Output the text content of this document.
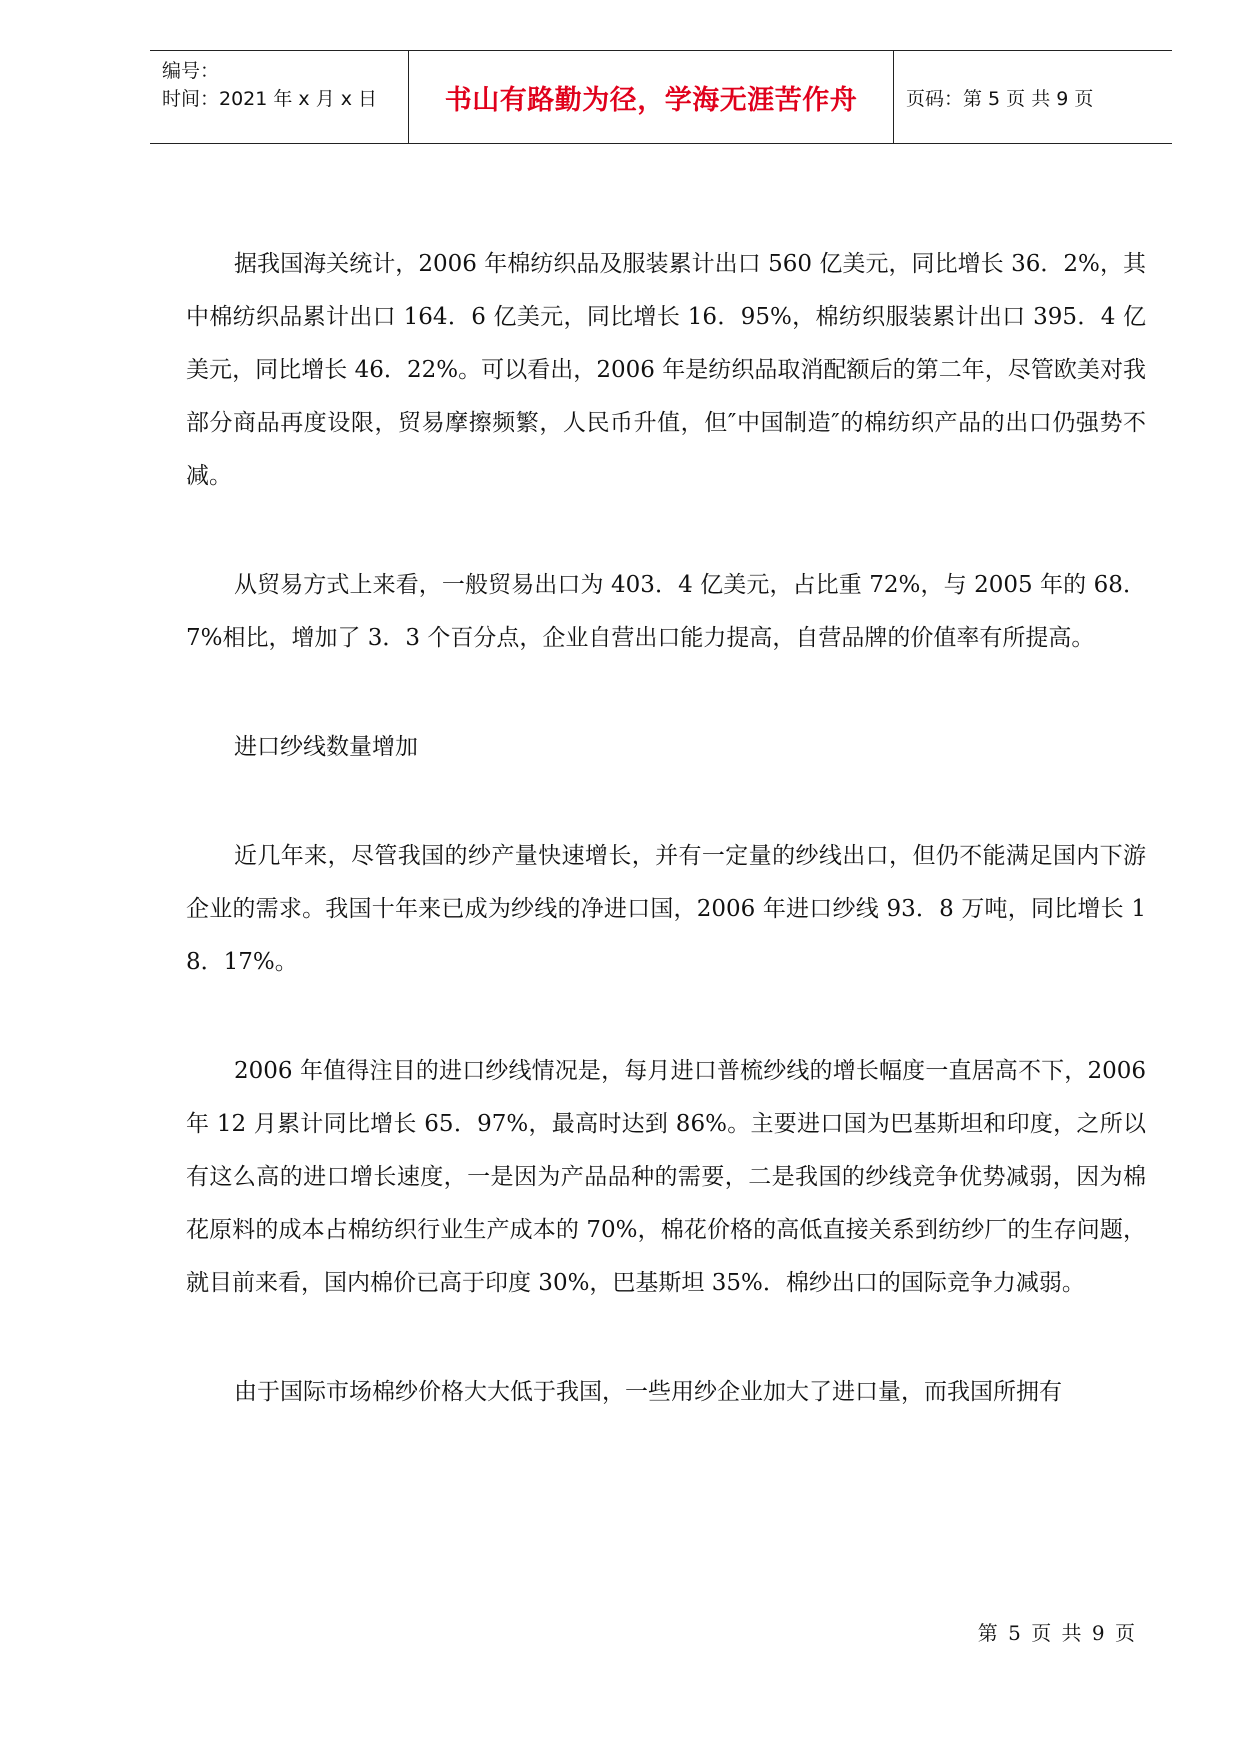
编号：
时间：2021 年 x 月 x 日	书山有路勤为径，学海无涯苦作舟	页码：第 5 页 共 9 页

据我国海关统计，2006 年棉纺织品及服装累计出口 560 亿美元，同比增长 36．2%，其中棉纺织品累计出口 164．6 亿美元，同比增长 16．95%，棉纺织服装累计出口 395．4 亿美元，同比增长 46．22%。可以看出，2006 年是纺织品取消配额后的第二年，尽管欧美对我部分商品再度设限，贸易摩擦频繁，人民币升值，但″中国制造″的棉纺织产品的出口仍强势不减。

从贸易方式上来看，一般贸易出口为 403．4 亿美元，占比重 72%，与 2005 年的 68．7%相比，增加了 3．3 个百分点，企业自营出口能力提高，自营品牌的价值率有所提高。

进口纱线数量增加

近几年来，尽管我国的纱产量快速增长，并有一定量的纱线出口，但仍不能满足国内下游企业的需求。我国十年来已成为纱线的净进口国，2006 年进口纱线 93．8 万吨，同比增长 18．17%。

2006 年值得注目的进口纱线情况是，每月进口普梳纱线的增长幅度一直居高不下，2006 年 12 月累计同比增长 65．97%，最高时达到 86%。主要进口国为巴基斯坦和印度，之所以有这么高的进口增长速度，一是因为产品品种的需要，二是我国的纱线竞争优势减弱，因为棉花原料的成本占棉纺织行业生产成本的 70%，棉花价格的高低直接关系到纺纱厂的生存问题，就目前来看，国内棉价已高于印度 30%，巴基斯坦 35%．棉纱出口的国际竞争力减弱。

由于国际市场棉纱价格大大低于我国，一些用纱企业加大了进口量，而我国所拥有

第 5 页 共 9 页
